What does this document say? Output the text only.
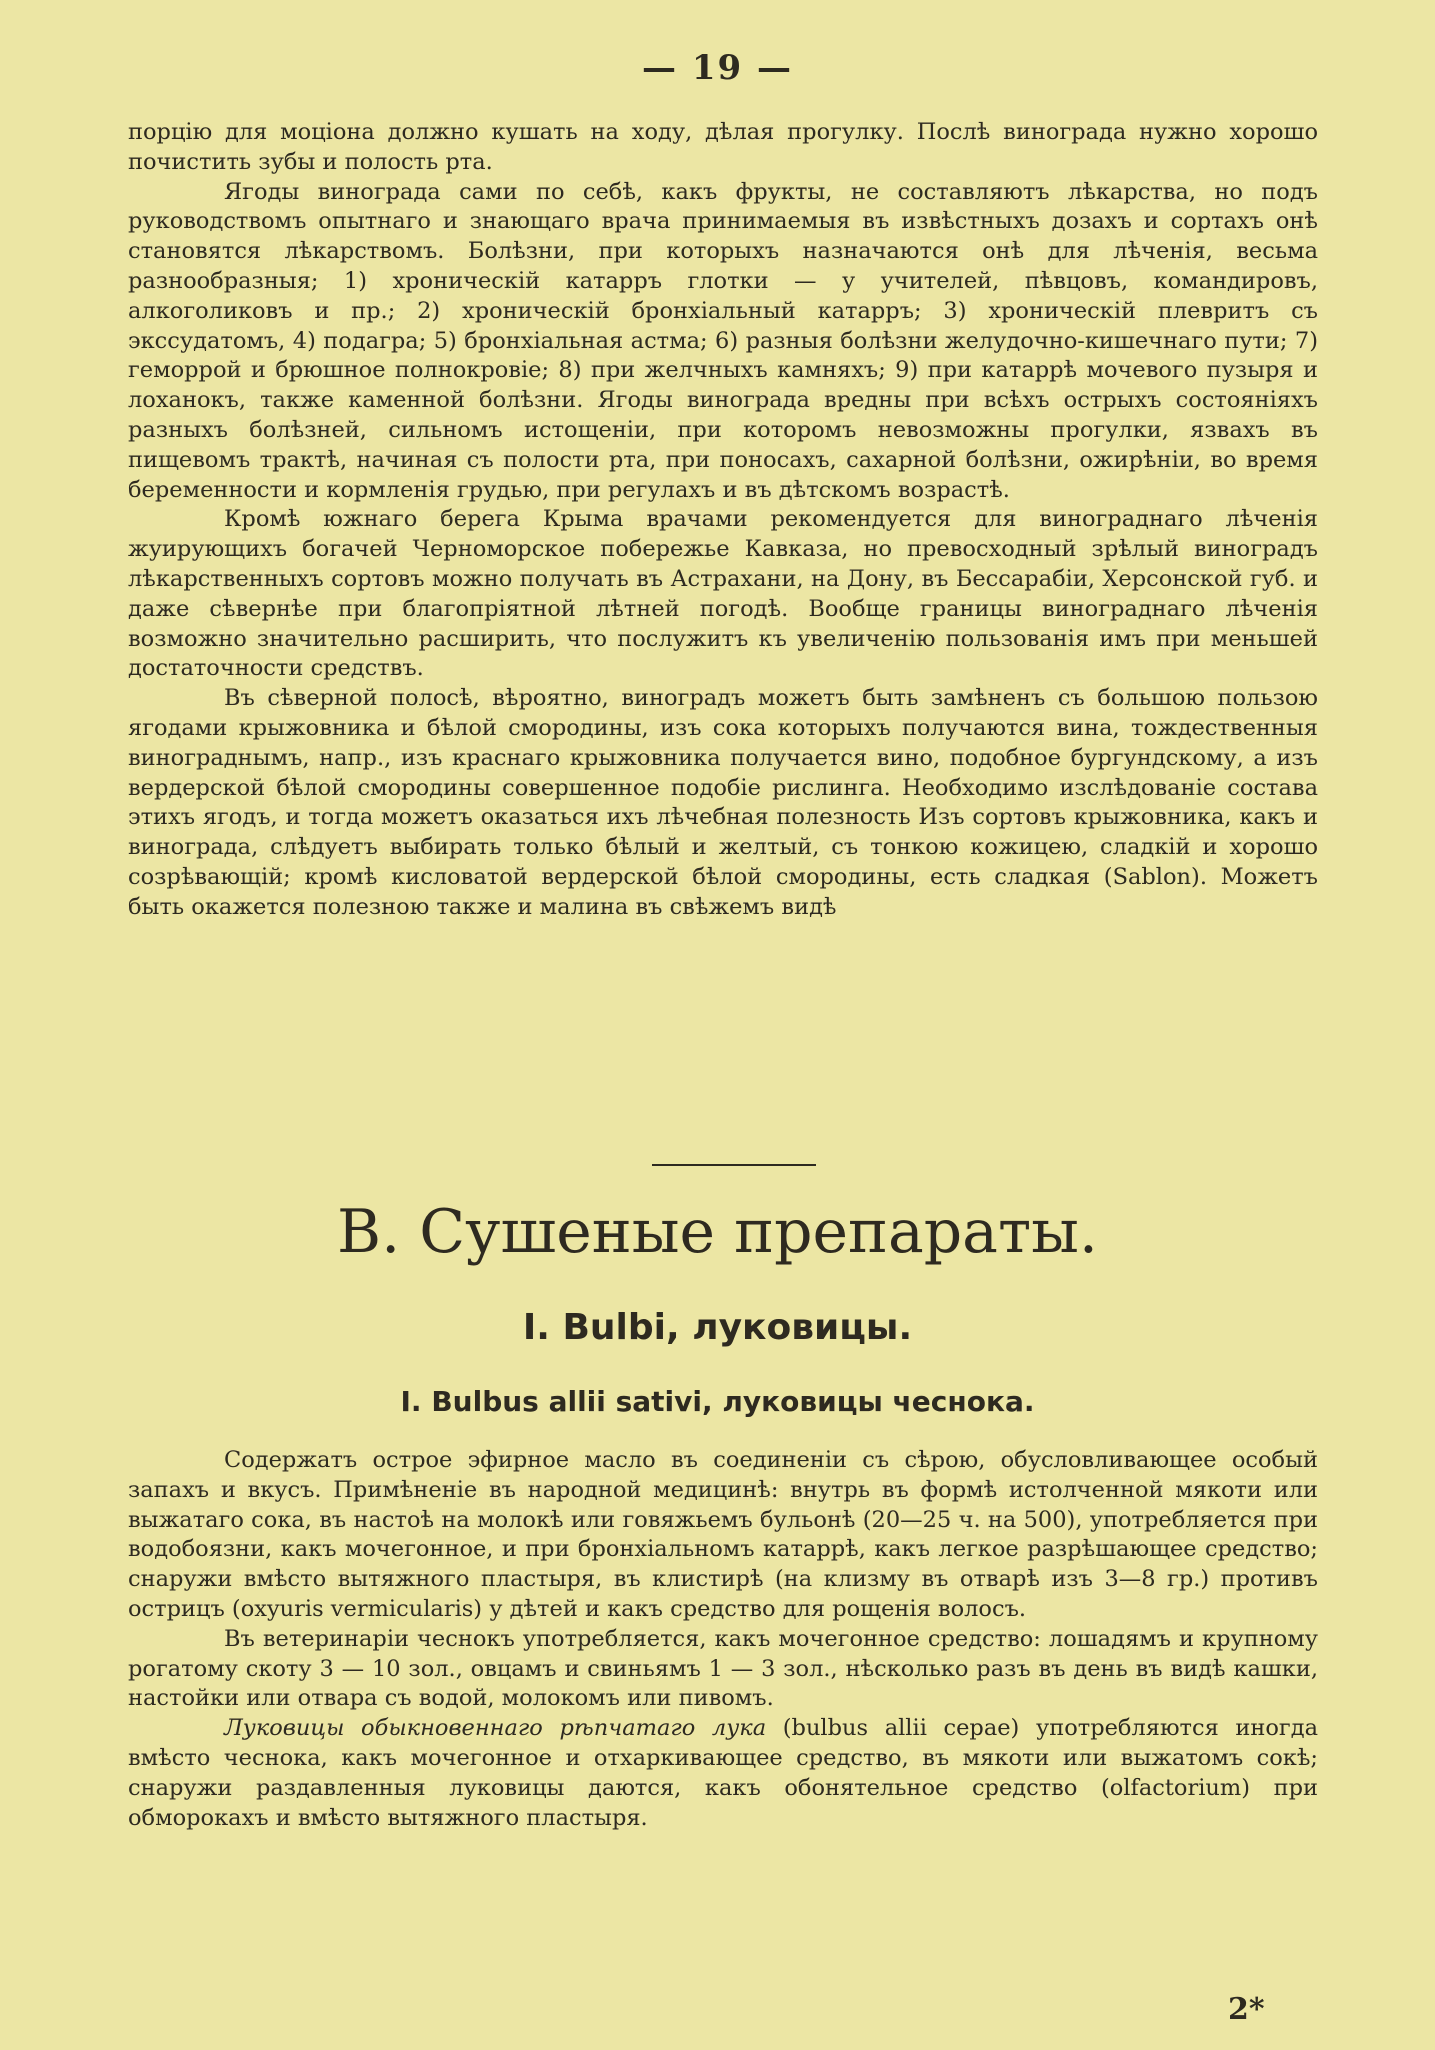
— 19 —

порцію для моціона должно кушать на ходу, дѣлая прогулку. Послѣ винограда нужно хорошо почистить зубы и полость рта.

Ягоды винограда сами по себѣ, какъ фрукты, не составляютъ лѣкарства, но подъ руководствомъ опытнаго и знающаго врача принимаемыя въ извѣстныхъ дозахъ и сортахъ онѣ становятся лѣкарствомъ. Болѣзни, при которыхъ назначаются онѣ для лѣченія, весьма разнообразныя; 1) хроническій катарръ глотки — у учителей, пѣвцовъ, командировъ, алкоголиковъ и пр.; 2) хроническій бронхіальный катарръ; 3) хроническій плевритъ съ экссудатомъ, 4) подагра; 5) бронхіальная астма; 6) разныя болѣзни желудочно-кишечнаго пути; 7) геморрой и брюшное полнокровіе; 8) при желчныхъ камняхъ; 9) при катаррѣ мочевого пузыря и лоханокъ, также каменной болѣзни. Ягоды винограда вредны при всѣхъ острыхъ состояніяхъ разныхъ болѣзней, сильномъ истощеніи, при которомъ невозможны прогулки, язвахъ въ пищевомъ трактѣ, начиная съ полости рта, при поносахъ, сахарной болѣзни, ожирѣніи, во время беременности и кормленія грудью, при регулахъ и въ дѣтскомъ возрастѣ.

Кромѣ южнаго берега Крыма врачами рекомендуется для винограднаго лѣченія жуирующихъ богачей Черноморское побережье Кавказа, но превосходный зрѣлый виноградъ лѣкарственныхъ сортовъ можно получать въ Астрахани, на Дону, въ Бессарабіи, Херсонской губ. и даже сѣвернѣе при благопріятной лѣтней погодѣ. Вообще границы винограднаго лѣченія возможно значительно расширить, что послужитъ къ увеличенію пользованія имъ при меньшей достаточности средствъ.

Въ сѣверной полосѣ, вѣроятно, виноградъ можетъ быть замѣненъ съ большою пользою ягодами крыжовника и бѣлой смородины, изъ сока которыхъ получаются вина, тождественныя винограднымъ, напр., изъ краснаго крыжовника получается вино, подобное бургундскому, а изъ вердерской бѣлой смородины совершенное подобіе рислинга. Необходимо изслѣдованіе состава этихъ ягодъ, и тогда можетъ оказаться ихъ лѣчебная полезность Изъ сортовъ крыжовника, какъ и винограда, слѣдуетъ выбирать только бѣлый и желтый, съ тонкою кожицею, сладкій и хорошо созрѣвающій; кромѣ кисловатой вердерской бѣлой смородины, есть сладкая (Sablon). Можетъ быть окажется полезною также и малина въ свѣжемъ видѣ

В. Сушеные препараты.
I. Bulbi, луковицы.
I. Bulbus allii sativi, луковицы чеснока.

Содержатъ острое эфирное масло въ соединеніи съ сѣрою, обусловливающее особый запахъ и вкусъ. Примѣненіе въ народной медицинѣ: внутрь въ формѣ истолченной мякоти или выжатаго сока, въ настоѣ на молокѣ или говяжьемъ бульонѣ (20—25 ч. на 500), употребляется при водобоязни, какъ мочегонное, и при бронхіальномъ катаррѣ, какъ легкое разрѣшающее средство; снаружи вмѣсто вытяжного пластыря, въ клистирѣ (на клизму въ отварѣ изъ 3—8 гр.) противъ острицъ (oxyuris vermicularis) у дѣтей и какъ средство для рощенія волосъ.

Въ ветеринаріи чеснокъ употребляется, какъ мочегонное средство: лошадямъ и крупному рогатому скоту 3 — 10 зол., овцамъ и свиньямъ 1 — 3 зол., нѣсколько разъ въ день въ видѣ кашки, настойки или отвара съ водой, молокомъ или пивомъ.

Луковицы обыкновеннаго рѣпчатаго лука (bulbus allii cepae) употребляются иногда вмѣсто чеснока, какъ мочегонное и отхаркивающее средство, въ мякоти или выжатомъ сокѣ; снаружи раздавленныя луковицы даются, какъ обонятельное средство (olfactorium) при обморокахъ и вмѣсто вытяжного пластыря.

2*
